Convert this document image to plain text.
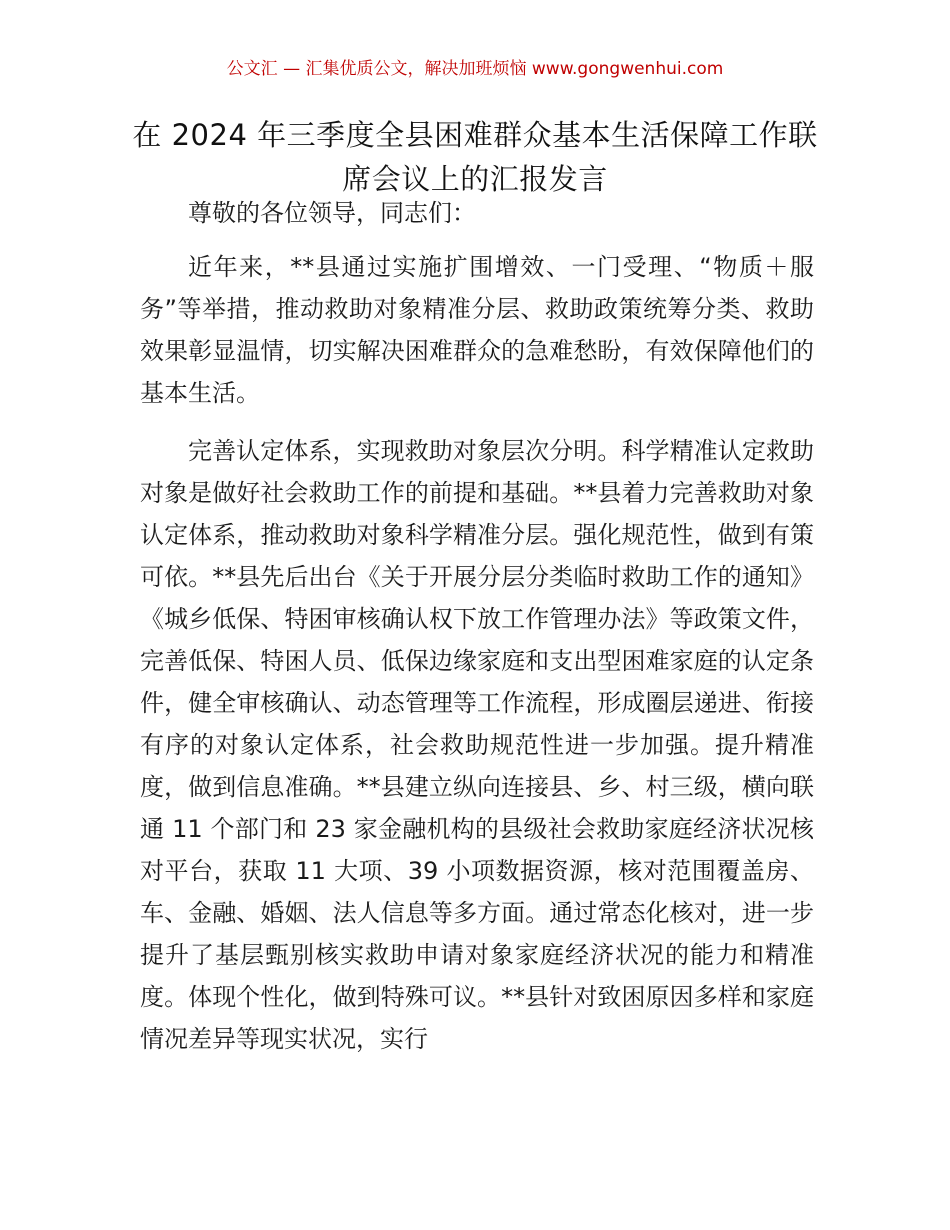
公文汇 — 汇集优质公文，解决加班烦恼 www.gongwenhui.com
在 2024 年三季度全县困难群众基本生活保障工作联席会议上的汇报发言

尊敬的各位领导，同志们：

近年来，**县通过实施扩围增效、一门受理、“物质＋服务”等举措，推动救助对象精准分层、救助政策统筹分类、救助效果彰显温情，切实解决困难群众的急难愁盼，有效保障他们的基本生活。

完善认定体系，实现救助对象层次分明。科学精准认定救助对象是做好社会救助工作的前提和基础。**县着力完善救助对象认定体系，推动救助对象科学精准分层。强化规范性，做到有策可依。**县先后出台《关于开展分层分类临时救助工作的通知》《城乡低保、特困审核确认权下放工作管理办法》等政策文件，完善低保、特困人员、低保边缘家庭和支出型困难家庭的认定条件，健全审核确认、动态管理等工作流程，形成圈层递进、衔接有序的对象认定体系，社会救助规范性进一步加强。提升精准度，做到信息准确。**县建立纵向连接县、乡、村三级，横向联通 11 个部门和 23 家金融机构的县级社会救助家庭经济状况核对平台，获取 11 大项、39 小项数据资源，核对范围覆盖房、车、金融、婚姻、法人信息等多方面。通过常态化核对，进一步提升了基层甄别核实救助申请对象家庭经济状况的能力和精准度。体现个性化，做到特殊可议。**县针对致困原因多样和家庭情况差异等现实状况，实行
